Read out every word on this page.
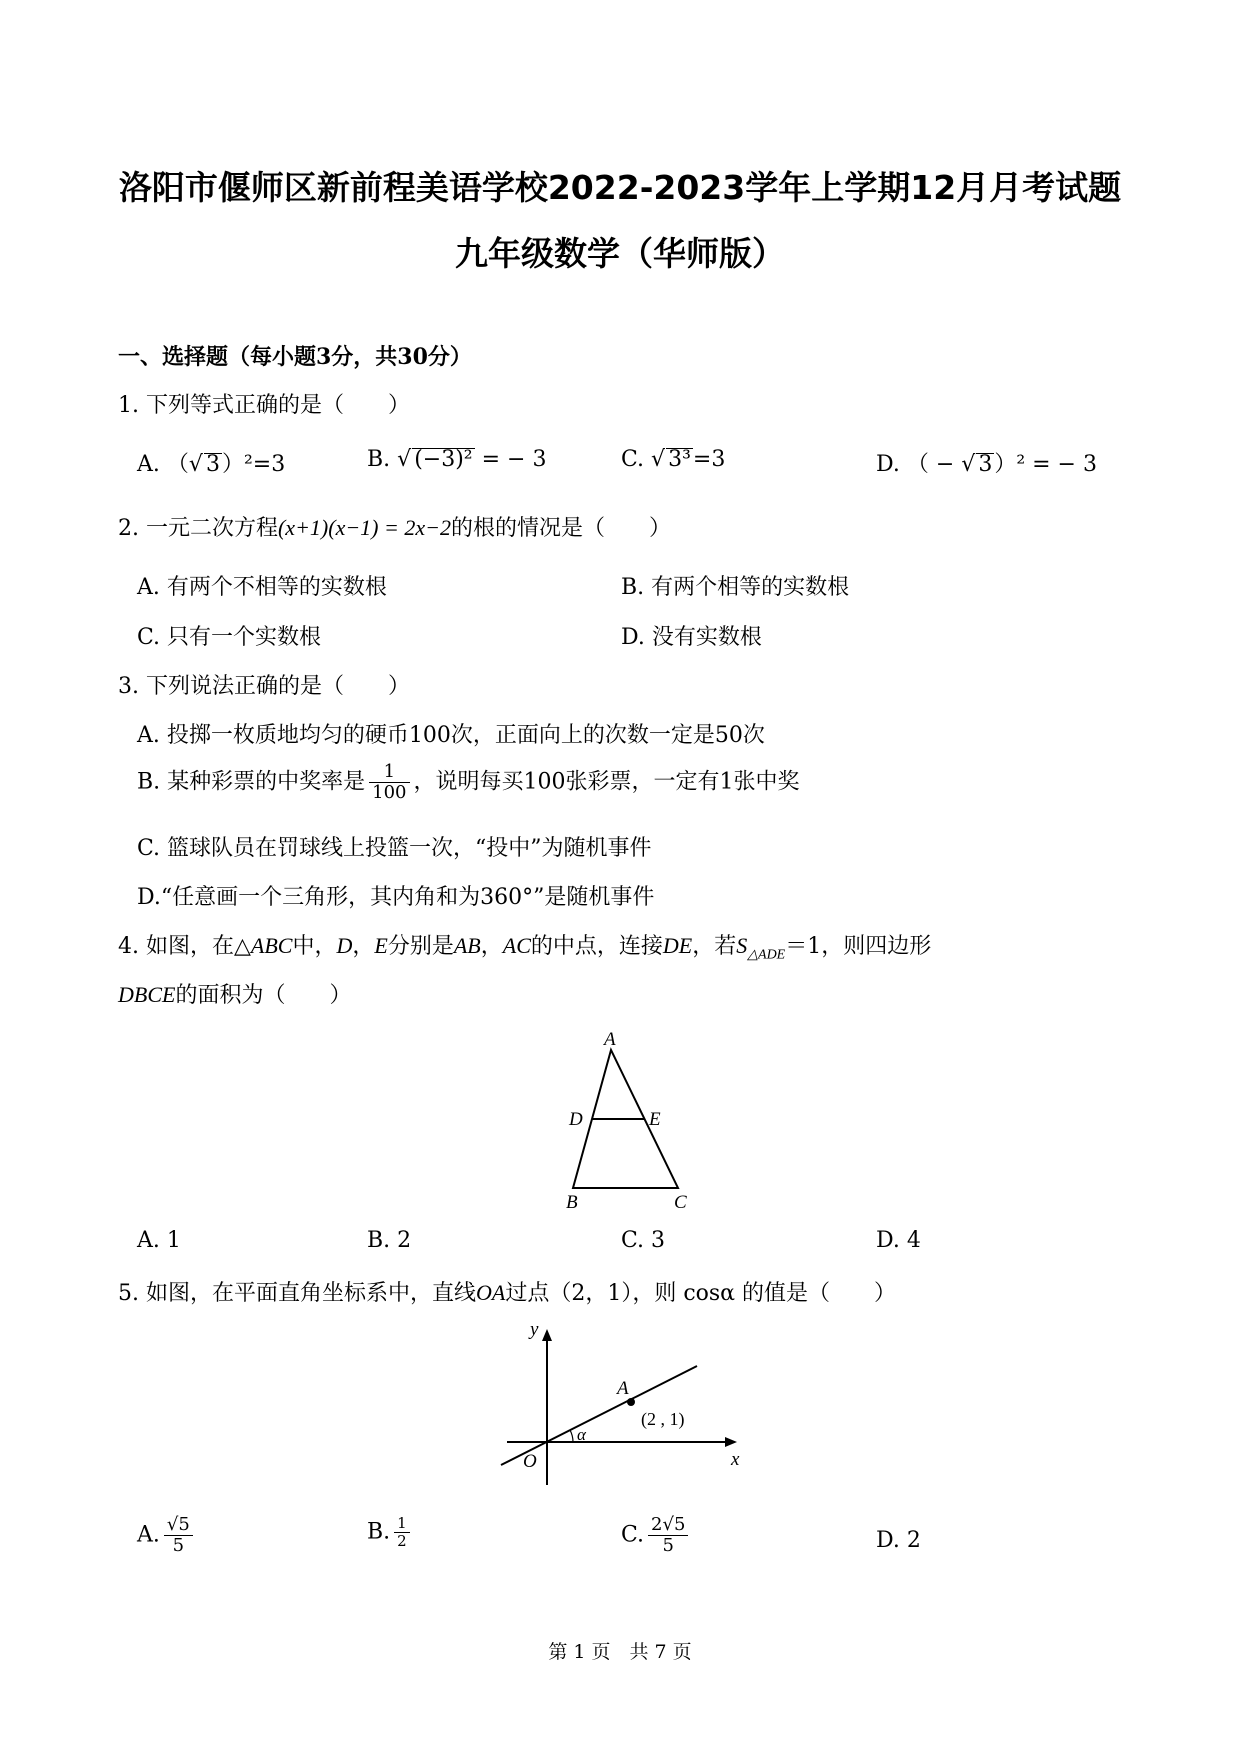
洛阳市偃师区新前程美语学校2022-2023学年上学期12月月考试题
九年级数学（华师版）
一、选择题（每小题3分，共30分）
1. 下列等式正确的是（　　）
A. （√ 3）²=3	B. √ (−3)² = − 3	C. √ 3³=3	D. （ − √ 3）² = − 3
2. 一元二次方程(x+1)(x−1) = 2x−2的根的情况是（　　）
A. 有两个不相等的实数根	B. 有两个相等的实数根
C. 只有一个实数根	D. 没有实数根
3. 下列说法正确的是（　　）
A. 投掷一枚质地均匀的硬币100次，正面向上的次数一定是50次
B. 某种彩票的中奖率是 $\frac{1}{100}$ ，说明每买100张彩票，一定有1张中奖
C. 篮球队员在罚球线上投篮一次，“投中”为随机事件
D.“任意画一个三角形，其内角和为360°”是随机事件
4. 如图，在△ABC中，D，E分别是AB，AC的中点，连接DE，若$S_{\triangle ADE}=1$，则四边形
DBCE的面积为（　　）
A
B	C
D	E
A. 1	B. 2	C. 3	D. 4
5. 如图，在平面直角坐标系中，直线OA过点（2，1），则 cosα 的值是（　　）
y
x
O
A
α
(2 , 1)
A. $\frac{√5}{5}$	B. $\frac{1}{2}$	C. $\frac{2√5}{5}$	D. 2
第 1 页　共 7 页
